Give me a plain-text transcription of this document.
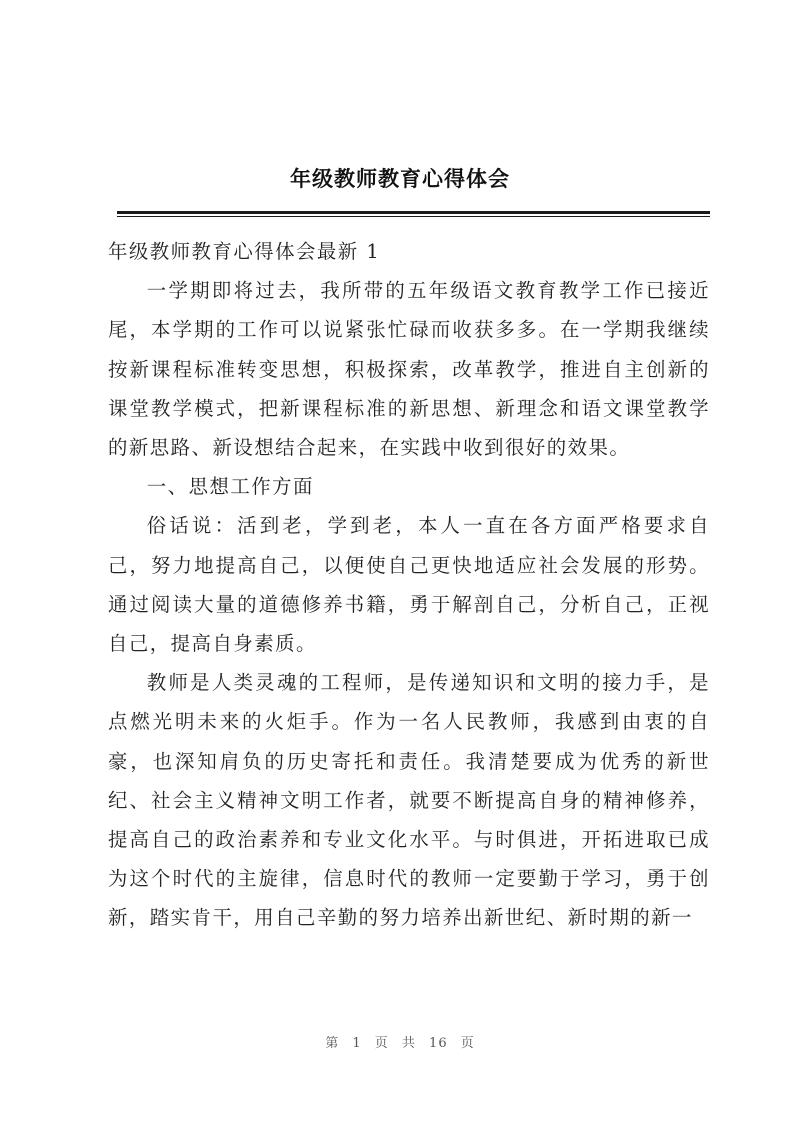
年级教师教育心得体会

年级教师教育心得体会最新 1

一学期即将过去，我所带的五年级语文教育教学工作已接近尾，本学期的工作可以说紧张忙碌而收获多多。在一学期我继续按新课程标准转变思想，积极探索，改革教学，推进自主创新的课堂教学模式，把新课程标准的新思想、新理念和语文课堂教学的新思路、新设想结合起来，在实践中收到很好的效果。

一、思想工作方面

俗话说：活到老，学到老，本人一直在各方面严格要求自己，努力地提高自己，以便使自己更快地适应社会发展的形势。通过阅读大量的道德修养书籍，勇于解剖自己，分析自己，正视自己，提高自身素质。

教师是人类灵魂的工程师，是传递知识和文明的接力手，是点燃光明未来的火炬手。作为一名人民教师，我感到由衷的自豪，也深知肩负的历史寄托和责任。我清楚要成为优秀的新世纪、社会主义精神文明工作者，就要不断提高自身的精神修养，提高自己的政治素养和专业文化水平。与时俱进，开拓进取已成为这个时代的主旋律，信息时代的教师一定要勤于学习，勇于创新，踏实肯干，用自己辛勤的努力培养出新世纪、新时期的新一

第 1 页 共 16 页
